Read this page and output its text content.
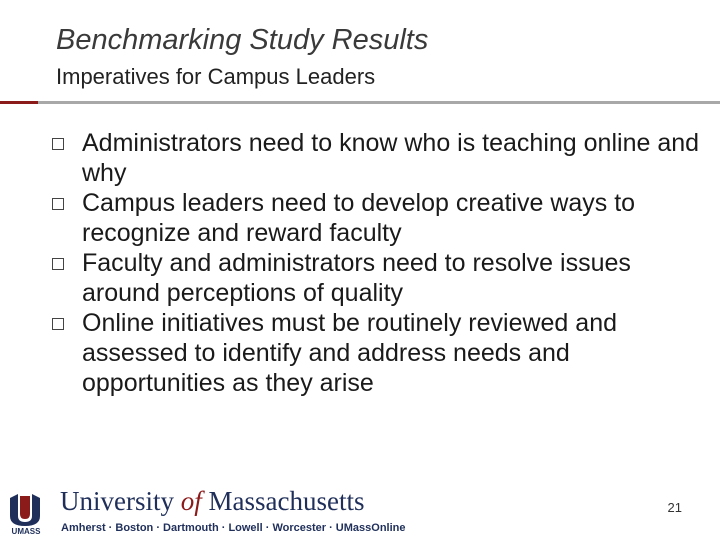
Benchmarking Study Results
Imperatives for Campus Leaders
Administrators need to know who is teaching online and why
Campus leaders need to develop creative ways to recognize and reward faculty
Faculty and administrators need to resolve issues around perceptions of quality
Online initiatives must be routinely reviewed and assessed to identify and address needs and opportunities as they arise
UMASS
University of Massachusetts
Amherst · Boston · Dartmouth · Lowell · Worcester · UMassOnline
21
